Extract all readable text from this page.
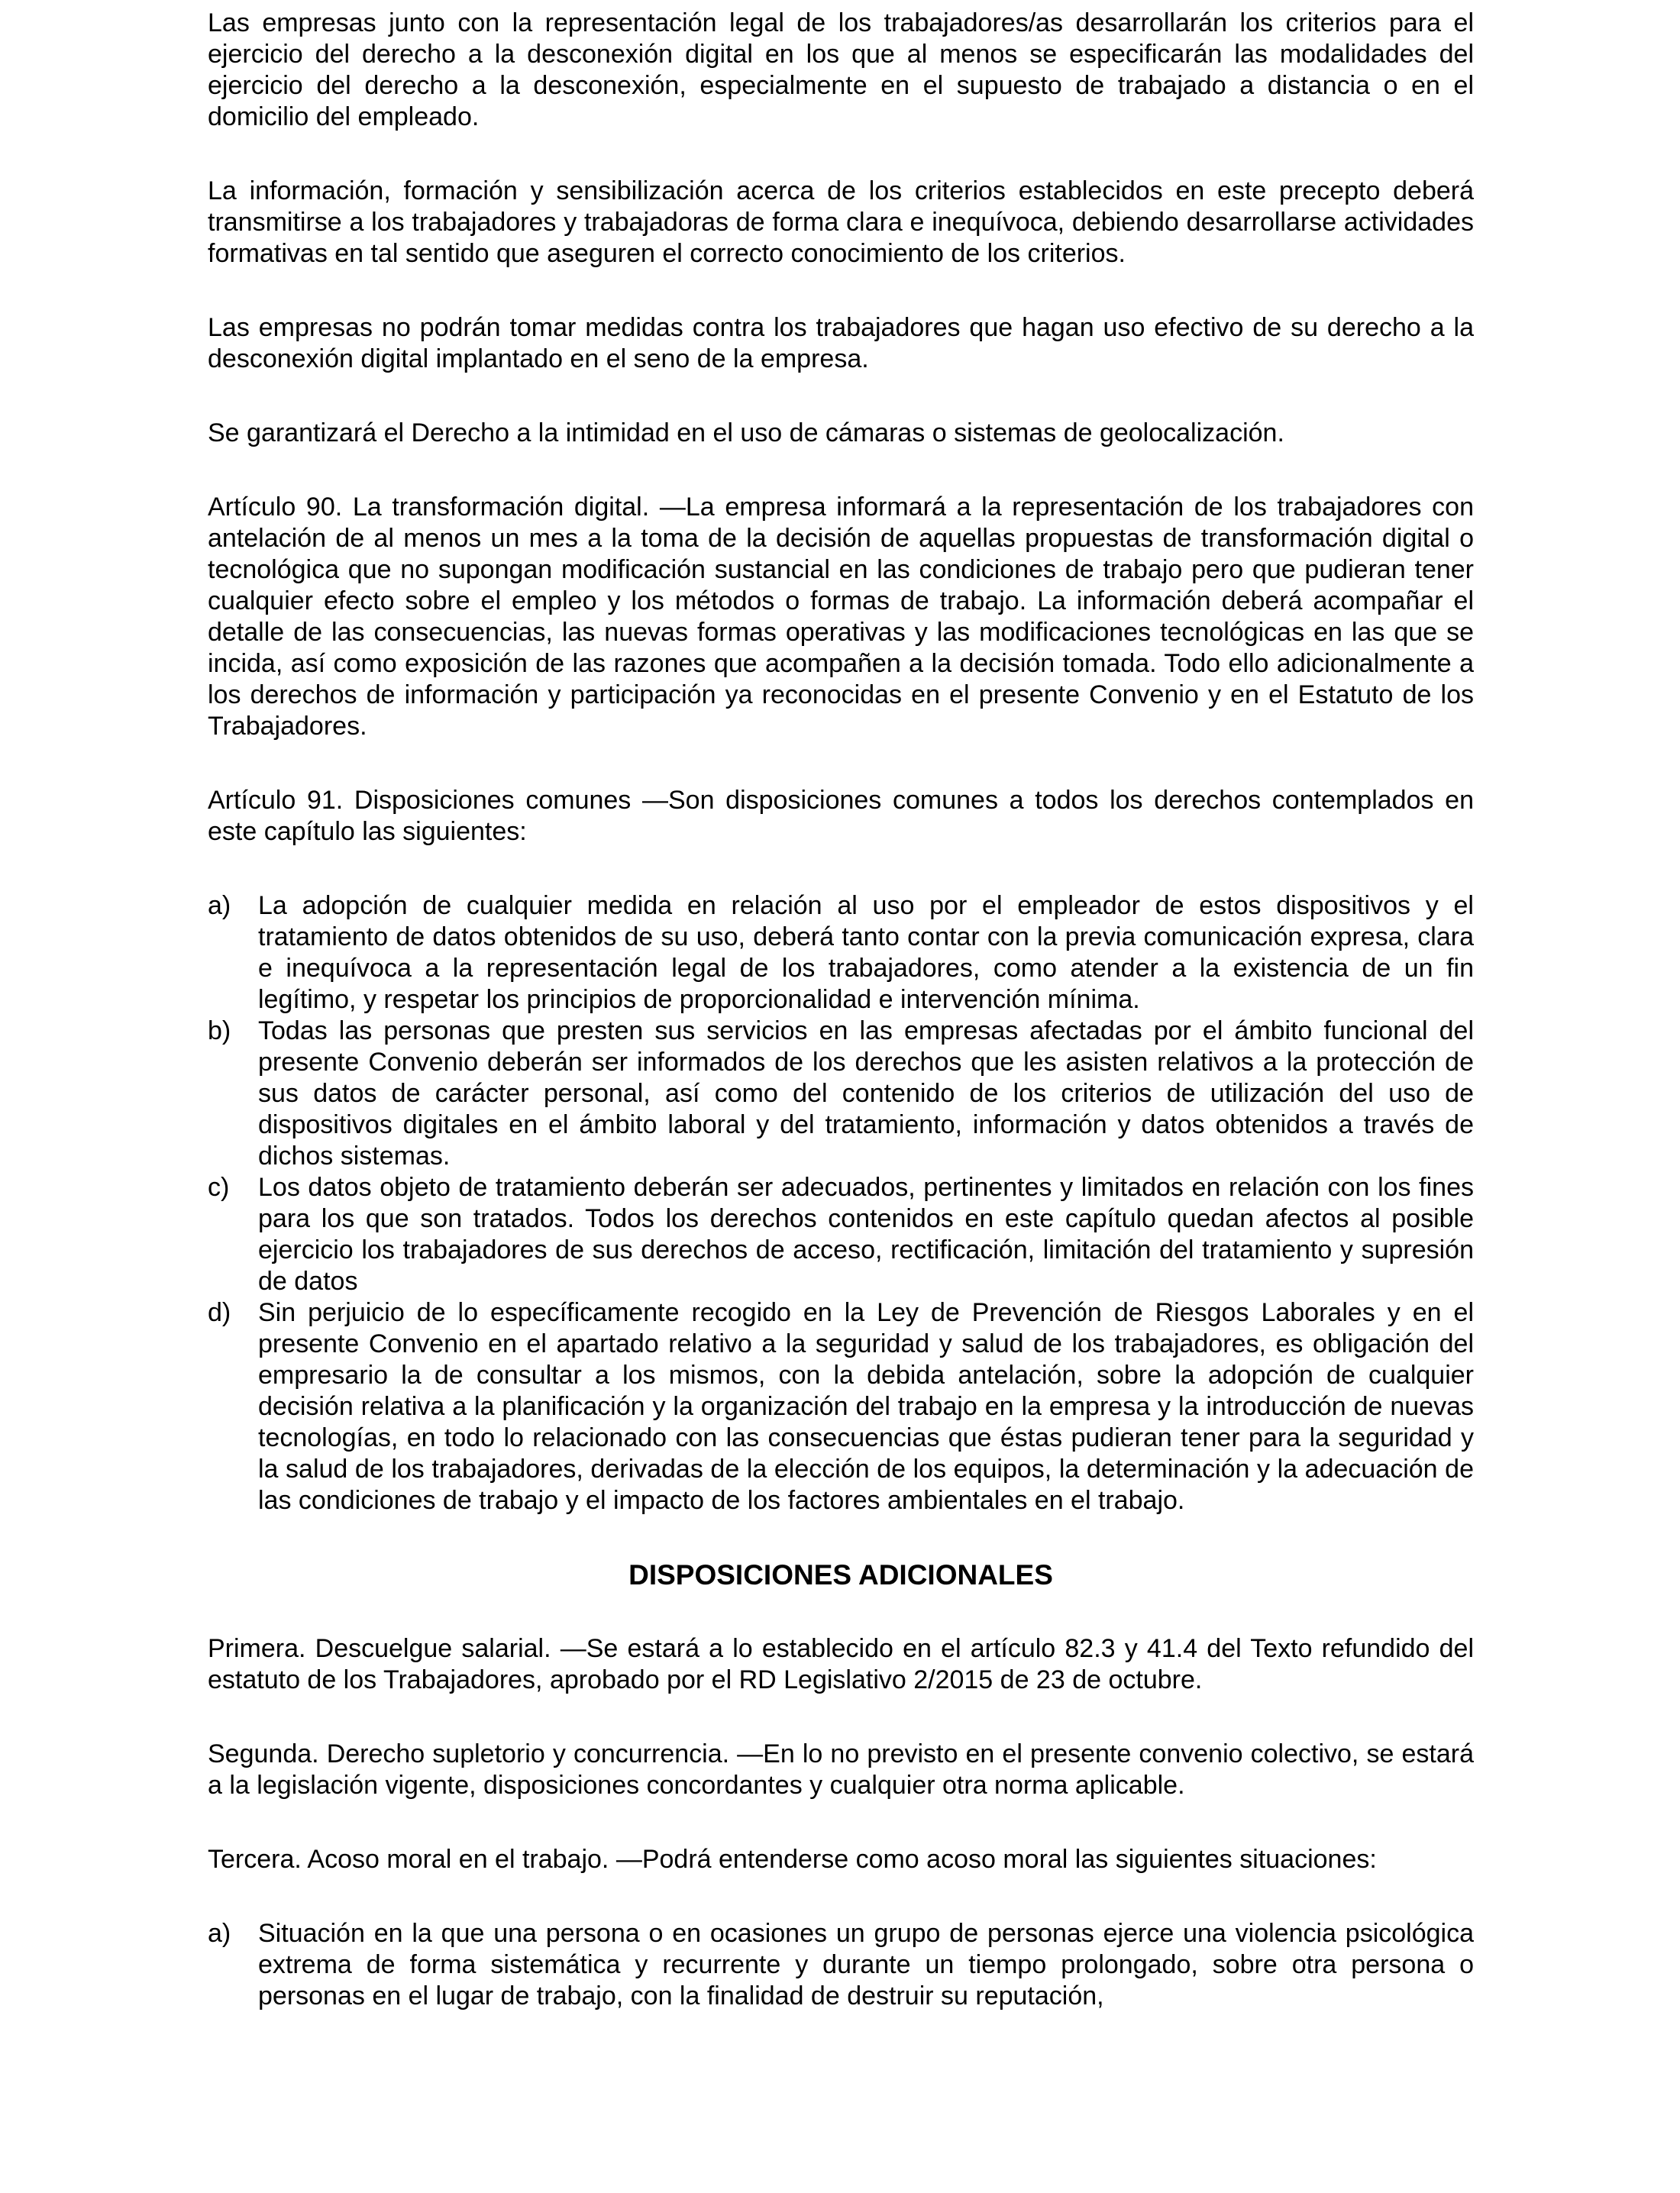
Las empresas junto con la representación legal de los trabajadores/as desarrollarán los criterios para el ejercicio del derecho a la desconexión digital en los que al menos se especificarán las modalidades del ejercicio del derecho a la desconexión, especialmente en el supuesto de trabajado a distancia o en el domicilio del empleado.

La información, formación y sensibilización acerca de los criterios establecidos en este precepto deberá transmitirse a los trabajadores y trabajadoras de forma clara e inequívoca, debiendo desarrollarse actividades formativas en tal sentido que aseguren el correcto conocimiento de los criterios.

Las empresas no podrán tomar medidas contra los trabajadores que hagan uso efectivo de su derecho a la desconexión digital implantado en el seno de la empresa.

Se garantizará el Derecho a la intimidad en el uso de cámaras o sistemas de geolocalización.

Artículo 90. La transformación digital. —La empresa informará a la representación de los trabajadores con antelación de al menos un mes a la toma de la decisión de aquellas propuestas de transformación digital o tecnológica que no supongan modificación sustancial en las condiciones de trabajo pero que pudieran tener cualquier efecto sobre el empleo y los métodos o formas de trabajo. La información deberá acompañar el detalle de las consecuencias, las nuevas formas operativas y las modificaciones tecnológicas en las que se incida, así como exposición de las razones que acompañen a la decisión tomada. Todo ello adicionalmente a los derechos de información y participación ya reconocidas en el presente Convenio y en el Estatuto de los Trabajadores.

Artículo 91. Disposiciones comunes —Son disposiciones comunes a todos los derechos contemplados en este capítulo las siguientes:

a) La adopción de cualquier medida en relación al uso por el empleador de estos dispositivos y el tratamiento de datos obtenidos de su uso, deberá tanto contar con la previa comunicación expresa, clara e inequívoca a la representación legal de los trabajadores, como atender a la existencia de un fin legítimo, y respetar los principios de proporcionalidad e intervención mínima.
b) Todas las personas que presten sus servicios en las empresas afectadas por el ámbito funcional del presente Convenio deberán ser informados de los derechos que les asisten relativos a la protección de sus datos de carácter personal, así como del contenido de los criterios de utilización del uso de dispositivos digitales en el ámbito laboral y del tratamiento, información y datos obtenidos a través de dichos sistemas.
c) Los datos objeto de tratamiento deberán ser adecuados, pertinentes y limitados en relación con los fines para los que son tratados. Todos los derechos contenidos en este capítulo quedan afectos al posible ejercicio los trabajadores de sus derechos de acceso, rectificación, limitación del tratamiento y supresión de datos
d) Sin perjuicio de lo específicamente recogido en la Ley de Prevención de Riesgos Laborales y en el presente Convenio en el apartado relativo a la seguridad y salud de los trabajadores, es obligación del empresario la de consultar a los mismos, con la debida antelación, sobre la adopción de cualquier decisión relativa a la planificación y la organización del trabajo en la empresa y la introducción de nuevas tecnologías, en todo lo relacionado con las consecuencias que éstas pudieran tener para la seguridad y la salud de los trabajadores, derivadas de la elección de los equipos, la determinación y la adecuación de las condiciones de trabajo y el impacto de los factores ambientales en el trabajo.
DISPOSICIONES ADICIONALES

Primera. Descuelgue salarial. —Se estará a lo establecido en el artículo 82.3 y 41.4 del Texto refundido del estatuto de los Trabajadores, aprobado por el RD Legislativo 2/2015 de 23 de octubre.

Segunda. Derecho supletorio y concurrencia. —En lo no previsto en el presente convenio colectivo, se estará a la legislación vigente, disposiciones concordantes y cualquier otra norma aplicable.

Tercera. Acoso moral en el trabajo. —Podrá entenderse como acoso moral las siguientes situaciones:

a) Situación en la que una persona o en ocasiones un grupo de personas ejerce una violencia psicológica extrema de forma sistemática y recurrente y durante un tiempo prolongado, sobre otra persona o personas en el lugar de trabajo, con la finalidad de destruir su reputación,
